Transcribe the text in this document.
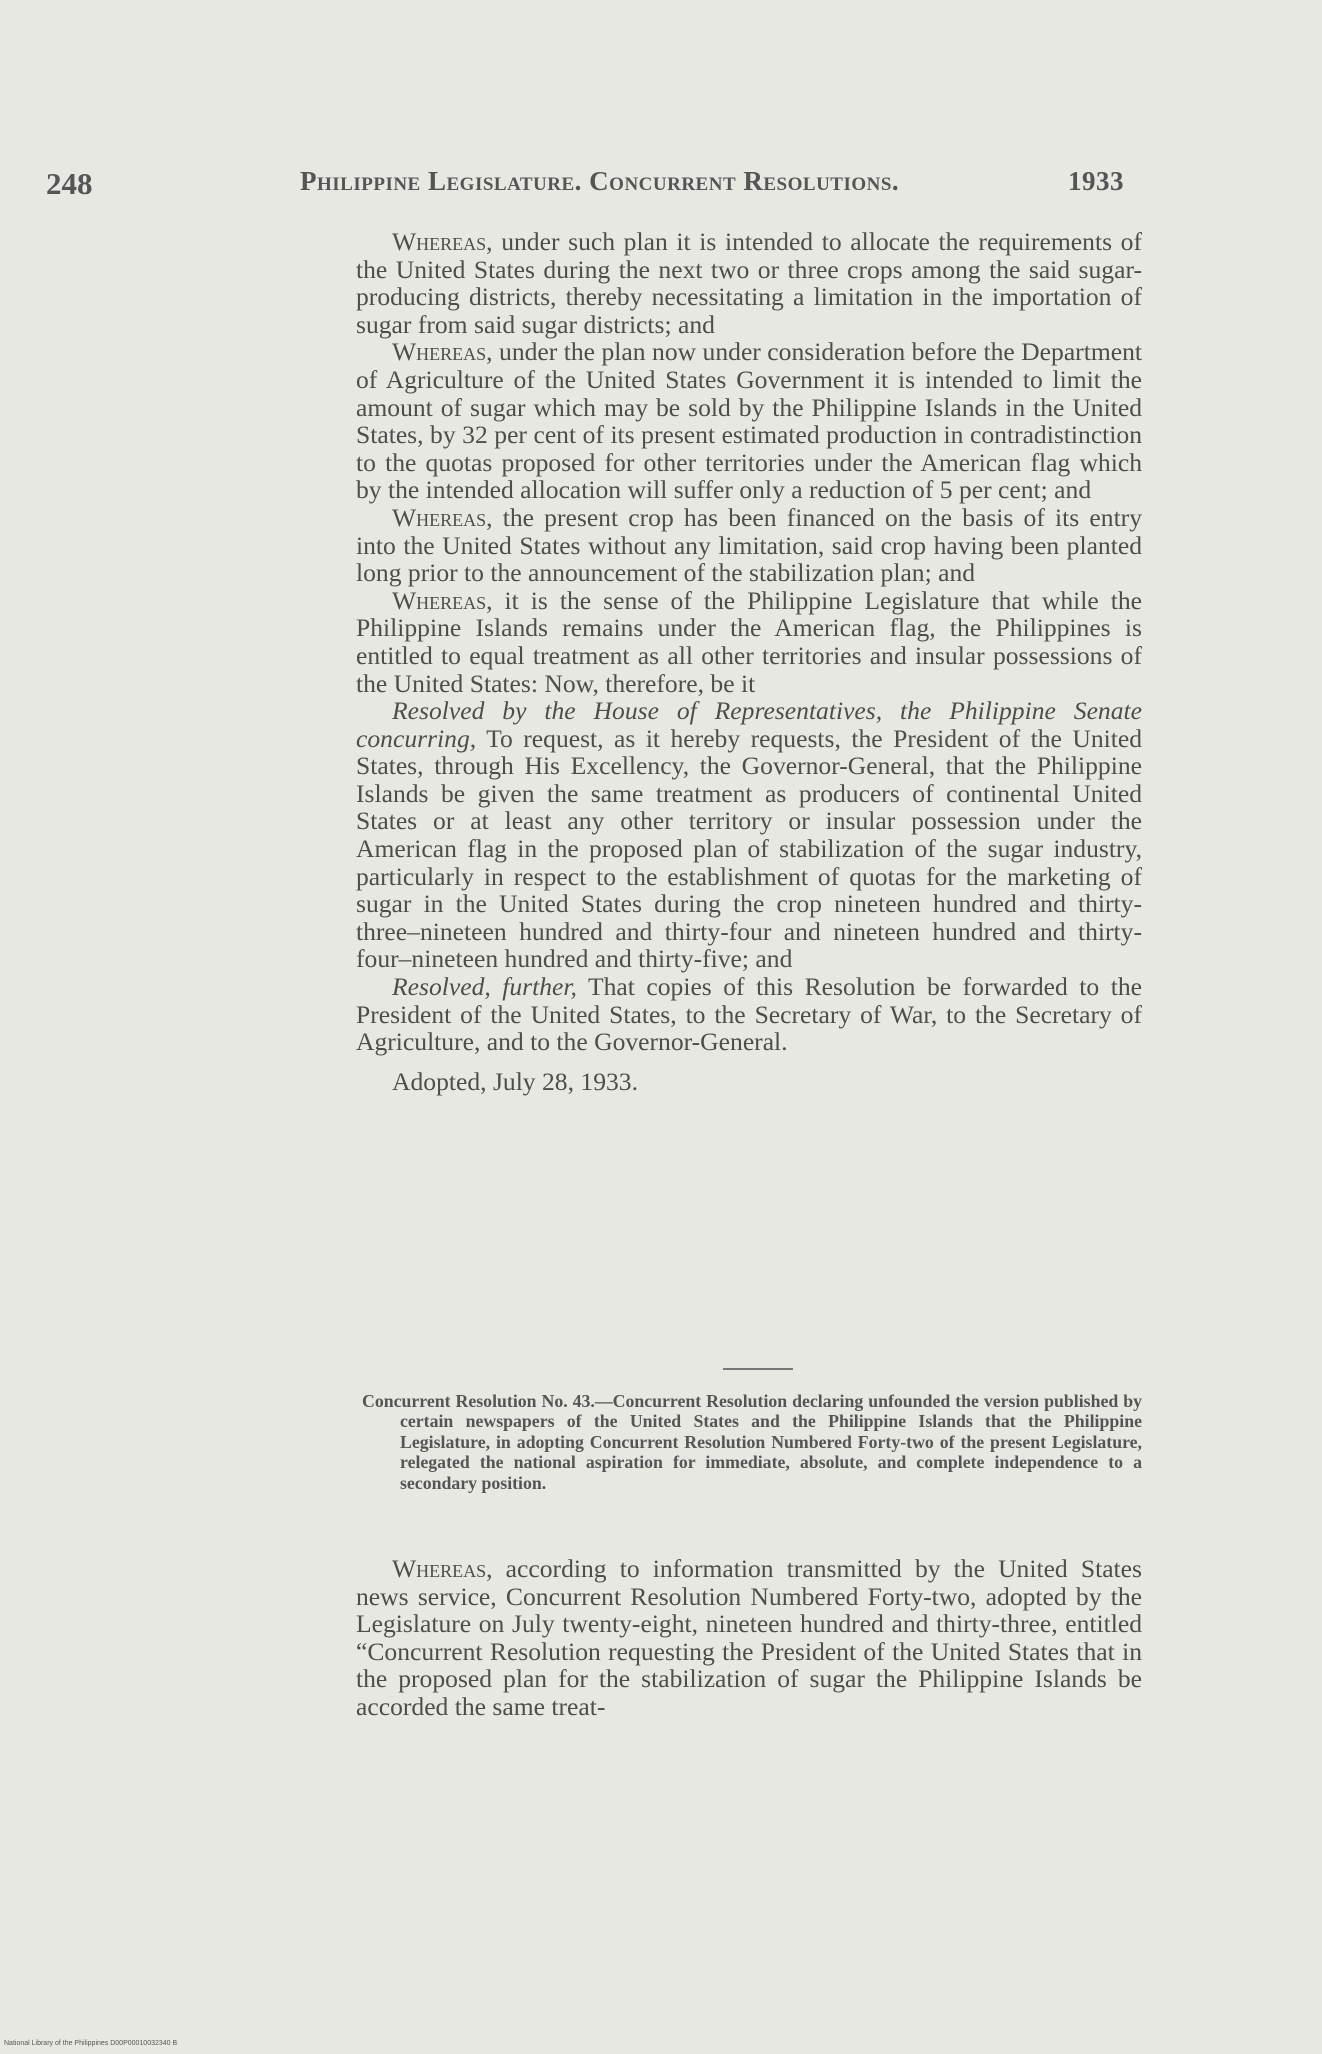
248	Philippine Legislature. Concurrent Resolutions.	1933

Whereas, under such plan it is intended to allocate the requirements of the United States during the next two or three crops among the said sugar-producing districts, thereby necessitating a limitation in the importation of sugar from said sugar districts; and

Whereas, under the plan now under consideration before the Department of Agriculture of the United States Government it is intended to limit the amount of sugar which may be sold by the Philippine Islands in the United States, by 32 per cent of its present estimated production in contradistinction to the quotas proposed for other territories under the American flag which by the intended allocation will suffer only a reduction of 5 per cent; and

Whereas, the present crop has been financed on the basis of its entry into the United States without any limitation, said crop having been planted long prior to the announcement of the stabilization plan; and

Whereas, it is the sense of the Philippine Legislature that while the Philippine Islands remains under the American flag, the Philippines is entitled to equal treatment as all other territories and insular possessions of the United States: Now, therefore, be it

Resolved by the House of Representatives, the Philippine Senate concurring, To request, as it hereby requests, the President of the United States, through His Excellency, the Governor-General, that the Philippine Islands be given the same treatment as producers of continental United States or at least any other territory or insular possession under the American flag in the proposed plan of stabilization of the sugar industry, particularly in respect to the establishment of quotas for the marketing of sugar in the United States during the crop nineteen hundred and thirty-three–nineteen hundred and thirty-four and nineteen hundred and thirty-four–nineteen hundred and thirty-five; and

Resolved, further, That copies of this Resolution be forwarded to the President of the United States, to the Secretary of War, to the Secretary of Agriculture, and to the Governor-General.

Adopted, July 28, 1933.

Concurrent Resolution No. 43.—Concurrent Resolution declaring unfounded the version published by certain newspapers of the United States and the Philippine Islands that the Philippine Legislature, in adopting Concurrent Resolution Numbered Forty-two of the present Legislature, relegated the national aspiration for immediate, absolute, and complete independence to a secondary position.

Whereas, according to information transmitted by the United States news service, Concurrent Resolution Numbered Forty-two, adopted by the Legislature on July twenty-eight, nineteen hundred and thirty-three, entitled “Concurrent Resolution requesting the President of the United States that in the proposed plan for the stabilization of sugar the Philippine Islands be accorded the same treat-

National Library of the Philippines D00P00010032340 B
